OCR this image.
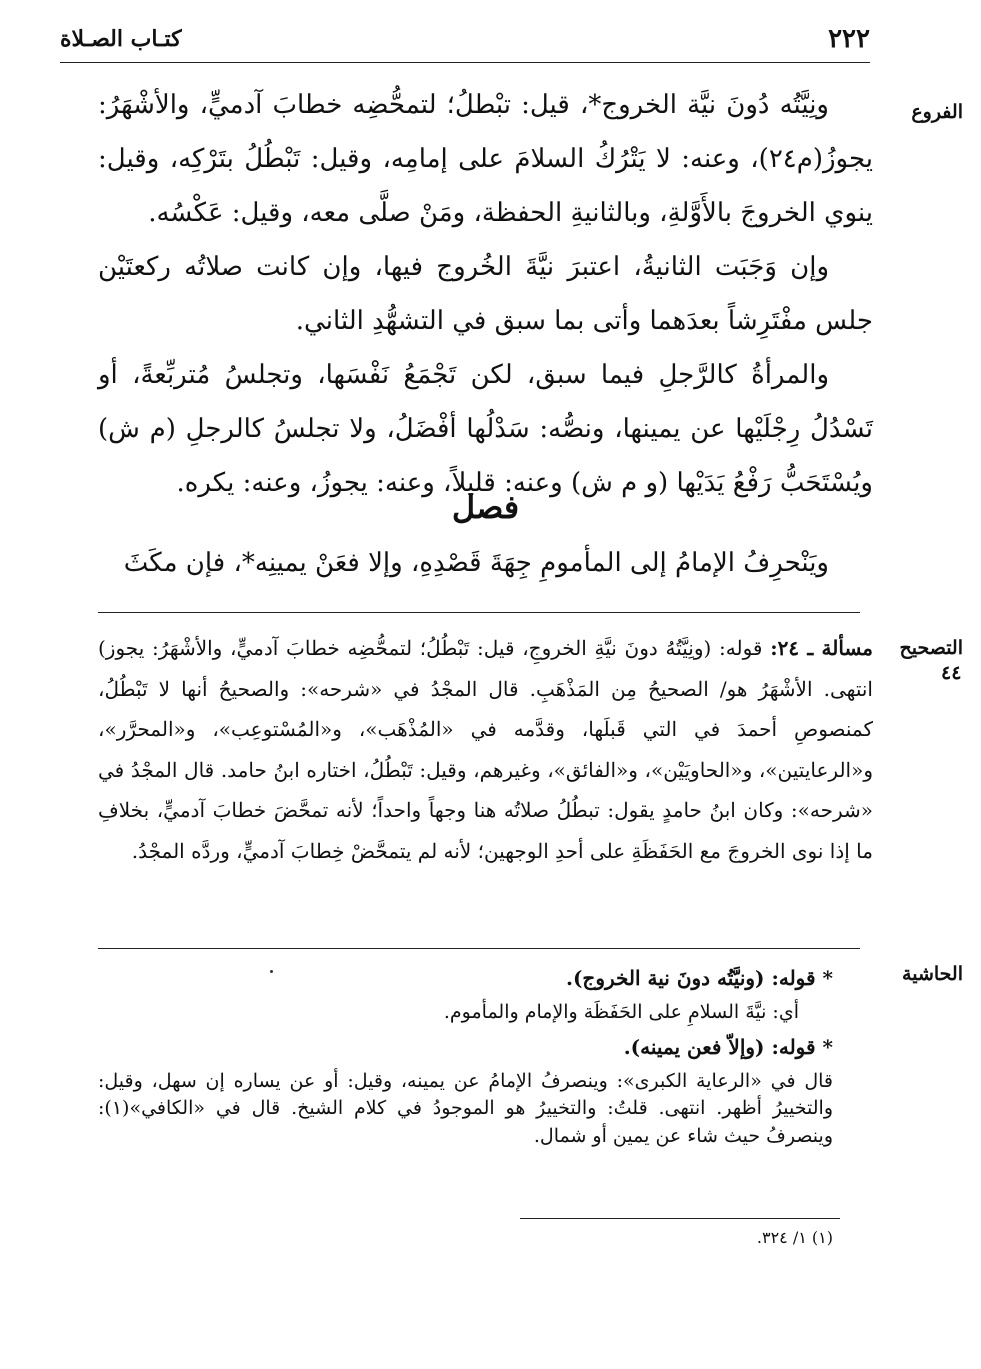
كتـاب الصـلاة	٢٢٢
الفروع

ونِيَّتُه دُونَ نيَّة الخروج*، قيل: تبْطلُ؛ لتمحُّضِه خطابَ آدميٍّ، والأشْهَرُ: يجوزُ(م٢٤)، وعنه: لا يَتْرُكُ السلامَ على إمامِه، وقيل: تَبْطُلُ بتَرْكِه، وقيل: ينوي الخروجَ بالأَوَّلةِ، وبالثانيةِ الحفظة، ومَنْ صلَّى معه، وقيل: عَكْسُه.

وإن وَجَبَت الثانيةُ، اعتبرَ نيَّةَ الخُروج فيها، وإن كانت صلاتُه ركعتَيْن جلس مفْتَرِشاً بعدَهما وأتى بما سبق في التشهُّدِ الثاني.

والمرأةُ كالرَّجلِ فيما سبق، لكن تَجْمَعُ نَفْسَها، وتجلسُ مُتربِّعةً، أو تَسْدُلُ رِجْلَيْها عن يمينها، ونصُّه: سَدْلُها أفْضَلُ، ولا تجلسُ كالرجلِ (م ش) ويُسْتَحَبُّ رَفْعُ يَدَيْها (و م ش) وعنه: قليلاً، وعنه: يجوزُ، وعنه: يكره.

فصل
ويَنْحرِفُ الإمامُ إلى المأمومِ جِهَةَ قَصْدِهِ، وإلا فعَنْ يمينِه*، فإن مكَثَ
التصحيح
٤٤
مسألة ـ ٢٤: قوله: (ونِيَّتُهُ دونَ نيَّةِ الخروجِ، قيل: تَبْطُلُ؛ لتمحُّضِه خطابَ آدميٍّ، والأشْهَرُ: يجوز) انتهى. الأشْهَرُ هو/ الصحيحُ مِن المَذْهَبِ. قال المجْدُ في «شرحه»: والصحيحُ أنها لا تَبْطُلُ، كمنصوصِ أحمدَ في التي قَبلَها، وقدَّمه في «المُذْهَب»، و«المُسْتوعِب»، و«المحرَّر»، و«الرعايتين»، و«الحاويَيْن»، و«الفائق»، وغيرهم، وقيل: تَبْطُلُ، اختاره ابنُ حامد. قال المجْدُ في «شرحه»: وكان ابنُ حامدٍ يقول: تبطُلُ صلاتُه هنا وجهاً واحداً؛ لأنه تمحَّضَ خطابَ آدميٍّ، بخلافِ ما إذا نوى الخروجَ مع الحَفَظَةِ على أحدِ الوجهين؛ لأنه لم يتمحَّضْ خِطابَ آدميٍّ، وردَّه المجْدُ.
الحاشية

* قوله: (ونيَّتُه دونَ نية الخروج).

أي: نيَّةَ السلامِ على الحَفَظَة والإمام والمأموم.

* قوله: (وإلاّ فعن يمينه).

قال في «الرعاية الكبرى»: وينصرفُ الإمامُ عن يمينه، وقيل: أو عن يساره إن سهل، وقيل: والتخييرُ أظهر. انتهى. قلتُ: والتخييرُ هو الموجودُ في كلام الشيخ. قال في «الكافي»(١): وينصرفُ حيث شاء عن يمين أو شمال.

(١) ١/ ٣٢٤.
